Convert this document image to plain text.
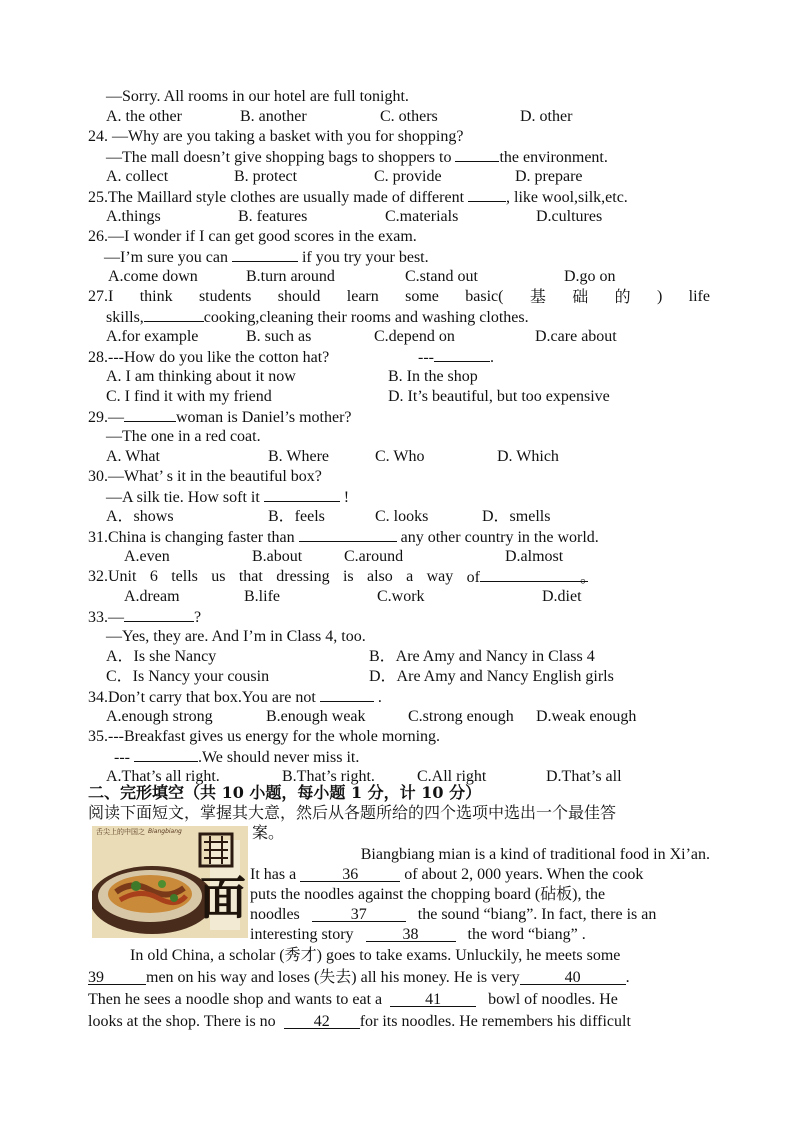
—Sorry. All rooms in our hotel are full tonight.
A. the other	B. another	C. others	D. other
24. —Why are you taking a basket with you for shopping?
—The mall doesn’t give shopping bags to shoppers to	the environment.
A. collect	B. protect	C. provide	D. prepare
25.The Maillard style clothes are usually made of different	, like wool,silk,etc.
A.things	B. features	C.materials	D.cultures
26.—I wonder if I can get good scores in the exam.
—I’m sure you can	if you try your best.
A.come down	B.turn around	C.stand out	D.go on
27.I think students should learn some basic( 基 础 的 ) life
skills,	cooking,cleaning their rooms and washing clothes.
A.for example	B. such as	C.depend on	D.care about
28.---How do you like the cotton hat?	---	.
A. I am thinking about it now	B. In the shop
C. I find it with my friend	D. It’s beautiful, but too expensive
29.—	woman is Daniel’s mother?
—The one in a red coat.
A. What	B. Where	C. Who	D. Which
30.—What’ s it in the beautiful box?
—A silk tie. How soft it	!
A．shows	B．feels	C. looks	D．smells
31.China is changing faster than	any other country in the world.
A.even	B.about	C.around	D.almost
32.Unit 6 tells us that dressing is also a way of	。
A.dream	B.life	C.work	D.diet
33.—	?
—Yes, they are. And I’m in Class 4, too.
A．Is she Nancy	B．Are Amy and Nancy in Class 4
C．Is Nancy your cousin	D．Are Amy and Nancy English girls
34.Don’t carry that box.You are not	.
A.enough strong	B.enough weak	C.strong enough	D.weak enough
35.---Breakfast gives us energy for the whole morning.
---	.We should never miss it.
A.That’s all right.	B.That’s right.	C.All right	D.That’s all
二、完形填空（共 10 小题，每小题 1 分，计 10 分）
阅读下面短文，掌握其大意，然后从各题所给的四个选项中选出一个最佳答
案。
舌尖上的中国之 Biangbiang
面
Biangbiang mian is a kind of traditional food in Xi’an.
It has a	36	of about 2, 000 years. When the cook
puts the noodles against the chopping board (砧板), the
noodles	37	the sound “biang”. In fact, there is an
interesting story	38	the word “biang” .
In old China, a scholar (秀才) goes to take exams. Unluckily, he meets some
39	men on his way and loses (失去) all his money. He is very	40	.
Then he sees a noodle shop and wants to eat a	41	bowl of noodles. He
looks at the shop. There is no 42 for its noodles. He remembers his difficult
